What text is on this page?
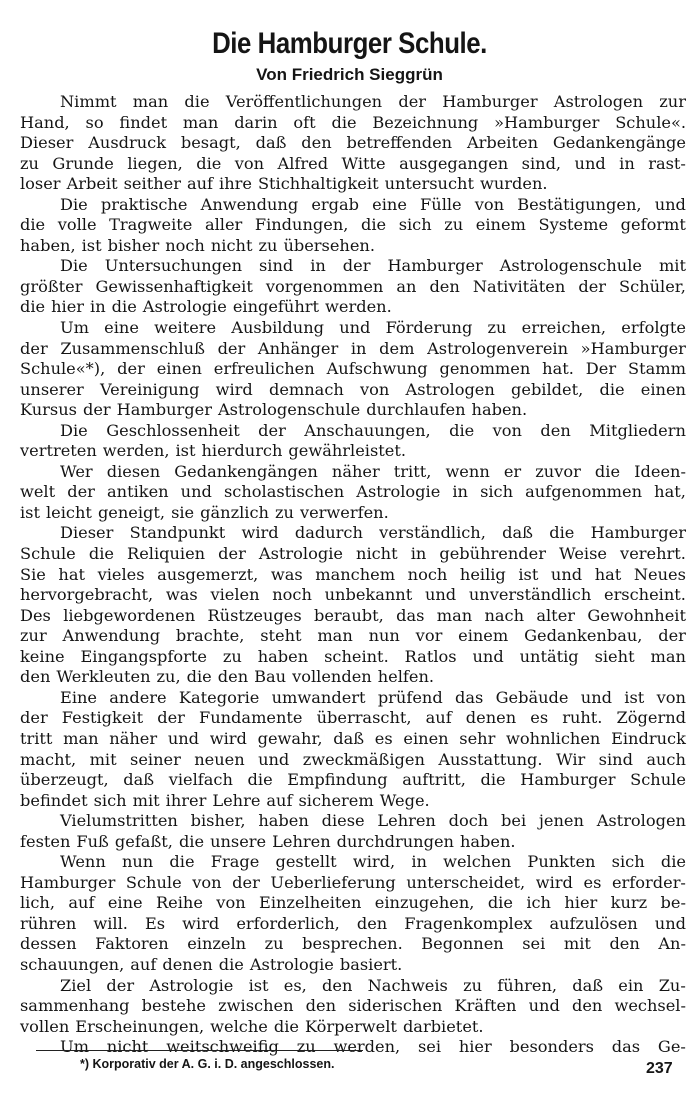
Die Hamburger Schule.
Von Friedrich Sieggrün
Nimmt man die Veröffentlichungen der Hamburger Astrologen zur
Hand, so findet man darin oft die Bezeichnung »Hamburger Schule«.
Dieser Ausdruck besagt, daß den betreffenden Arbeiten Gedankengänge
zu Grunde liegen, die von Alfred Witte ausgegangen sind, und in rast-
loser Arbeit seither auf ihre Stichhaltigkeit untersucht wurden.
Die praktische Anwendung ergab eine Fülle von Bestätigungen, und
die volle Tragweite aller Findungen, die sich zu einem Systeme geformt
haben, ist bisher noch nicht zu übersehen.
Die Untersuchungen sind in der Hamburger Astrologenschule mit
größter Gewissenhaftigkeit vorgenommen an den Nativitäten der Schüler,
die hier in die Astrologie eingeführt werden.
Um eine weitere Ausbildung und Förderung zu erreichen, erfolgte
der Zusammenschluß der Anhänger in dem Astrologenverein »Hamburger
Schule«*), der einen erfreulichen Aufschwung genommen hat. Der Stamm
unserer Vereinigung wird demnach von Astrologen gebildet, die einen
Kursus der Hamburger Astrologenschule durchlaufen haben.
Die Geschlossenheit der Anschauungen, die von den Mitgliedern
vertreten werden, ist hierdurch gewährleistet.
Wer diesen Gedankengängen näher tritt, wenn er zuvor die Ideen-
welt der antiken und scholastischen Astrologie in sich aufgenommen hat,
ist leicht geneigt, sie gänzlich zu verwerfen.
Dieser Standpunkt wird dadurch verständlich, daß die Hamburger
Schule die Reliquien der Astrologie nicht in gebührender Weise verehrt.
Sie hat vieles ausgemerzt, was manchem noch heilig ist und hat Neues
hervorgebracht, was vielen noch unbekannt und unverständlich erscheint.
Des liebgewordenen Rüstzeuges beraubt, das man nach alter Gewohnheit
zur Anwendung brachte, steht man nun vor einem Gedankenbau, der
keine Eingangspforte zu haben scheint. Ratlos und untätig sieht man
den Werkleuten zu, die den Bau vollenden helfen.
Eine andere Kategorie umwandert prüfend das Gebäude und ist von
der Festigkeit der Fundamente überrascht, auf denen es ruht. Zögernd
tritt man näher und wird gewahr, daß es einen sehr wohnlichen Eindruck
macht, mit seiner neuen und zweckmäßigen Ausstattung. Wir sind auch
überzeugt, daß vielfach die Empfindung auftritt, die Hamburger Schule
befindet sich mit ihrer Lehre auf sicherem Wege.
Vielumstritten bisher, haben diese Lehren doch bei jenen Astrologen
festen Fuß gefaßt, die unsere Lehren durchdrungen haben.
Wenn nun die Frage gestellt wird, in welchen Punkten sich die
Hamburger Schule von der Ueberlieferung unterscheidet, wird es erforder-
lich, auf eine Reihe von Einzelheiten einzugehen, die ich hier kurz be-
rühren will. Es wird erforderlich, den Fragenkomplex aufzulösen und
dessen Faktoren einzeln zu besprechen. Begonnen sei mit den An-
schauungen, auf denen die Astrologie basiert.
Ziel der Astrologie ist es, den Nachweis zu führen, daß ein Zu-
sammenhang bestehe zwischen den siderischen Kräften und den wechsel-
vollen Erscheinungen, welche die Körperwelt darbietet.
Um nicht weitschweifig zu werden, sei hier besonders das Ge-
*) Korporativ der A. G. i. D. angeschlossen.	237
